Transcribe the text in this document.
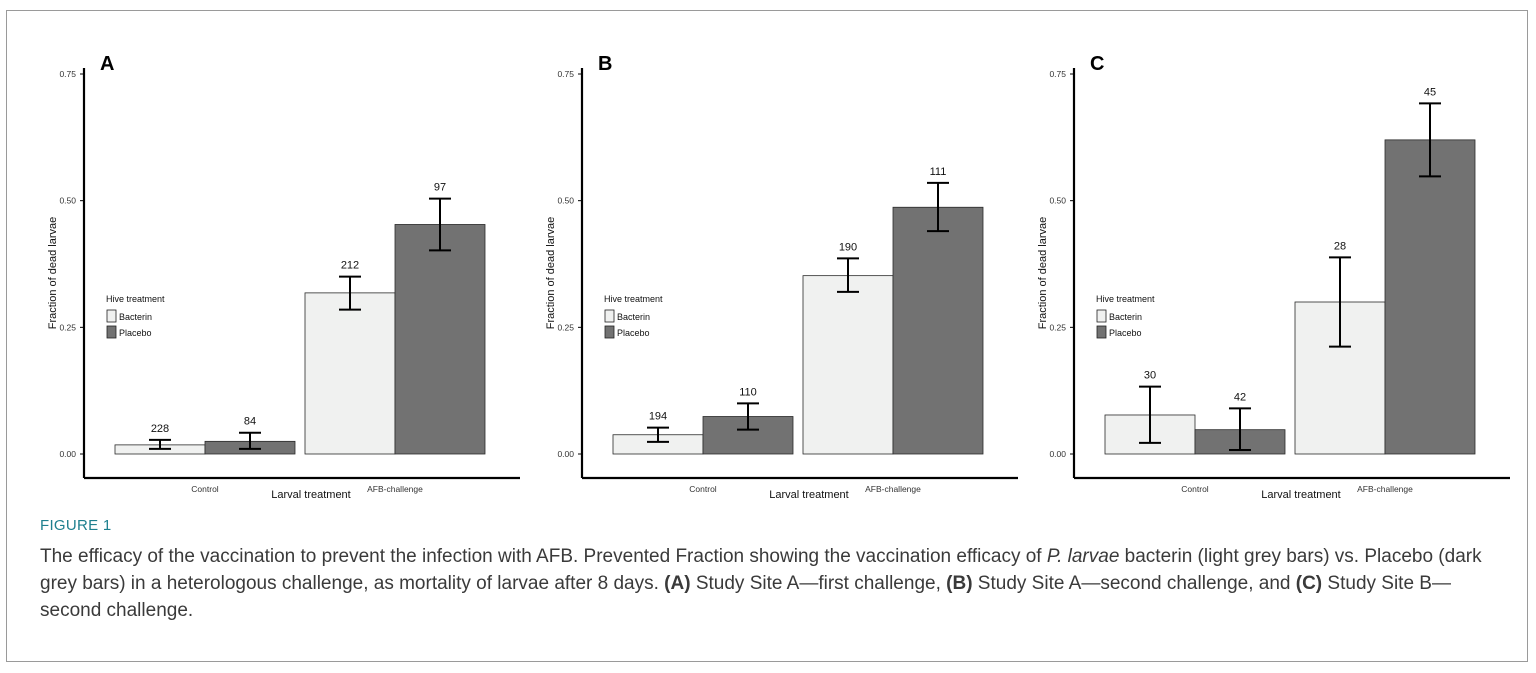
A
0.00
0.25
0.50
0.75
Fraction of dead larvae
228
84
Control
212
97
AFB-challenge
Larval treatment
Hive treatment
Bacterin
Placebo
B
0.00
0.25
0.50
0.75
Fraction of dead larvae
194
110
Control
190
111
AFB-challenge
Larval treatment
Hive treatment
Bacterin
Placebo
C
0.00
0.25
0.50
0.75
Fraction of dead larvae
30
42
Control
28
45
AFB-challenge
Larval treatment
Hive treatment
Bacterin
Placebo
FIGURE 1
The efficacy of the vaccination to prevent the infection with AFB. Prevented Fraction showing the vaccination efficacy of P. larvae bacterin (light grey bars) vs. Placebo (dark grey bars) in a heterologous challenge, as mortality of larvae after 8 days. (A) Study Site A—first challenge, (B) Study Site A—second challenge, and (C) Study Site B—second challenge.
